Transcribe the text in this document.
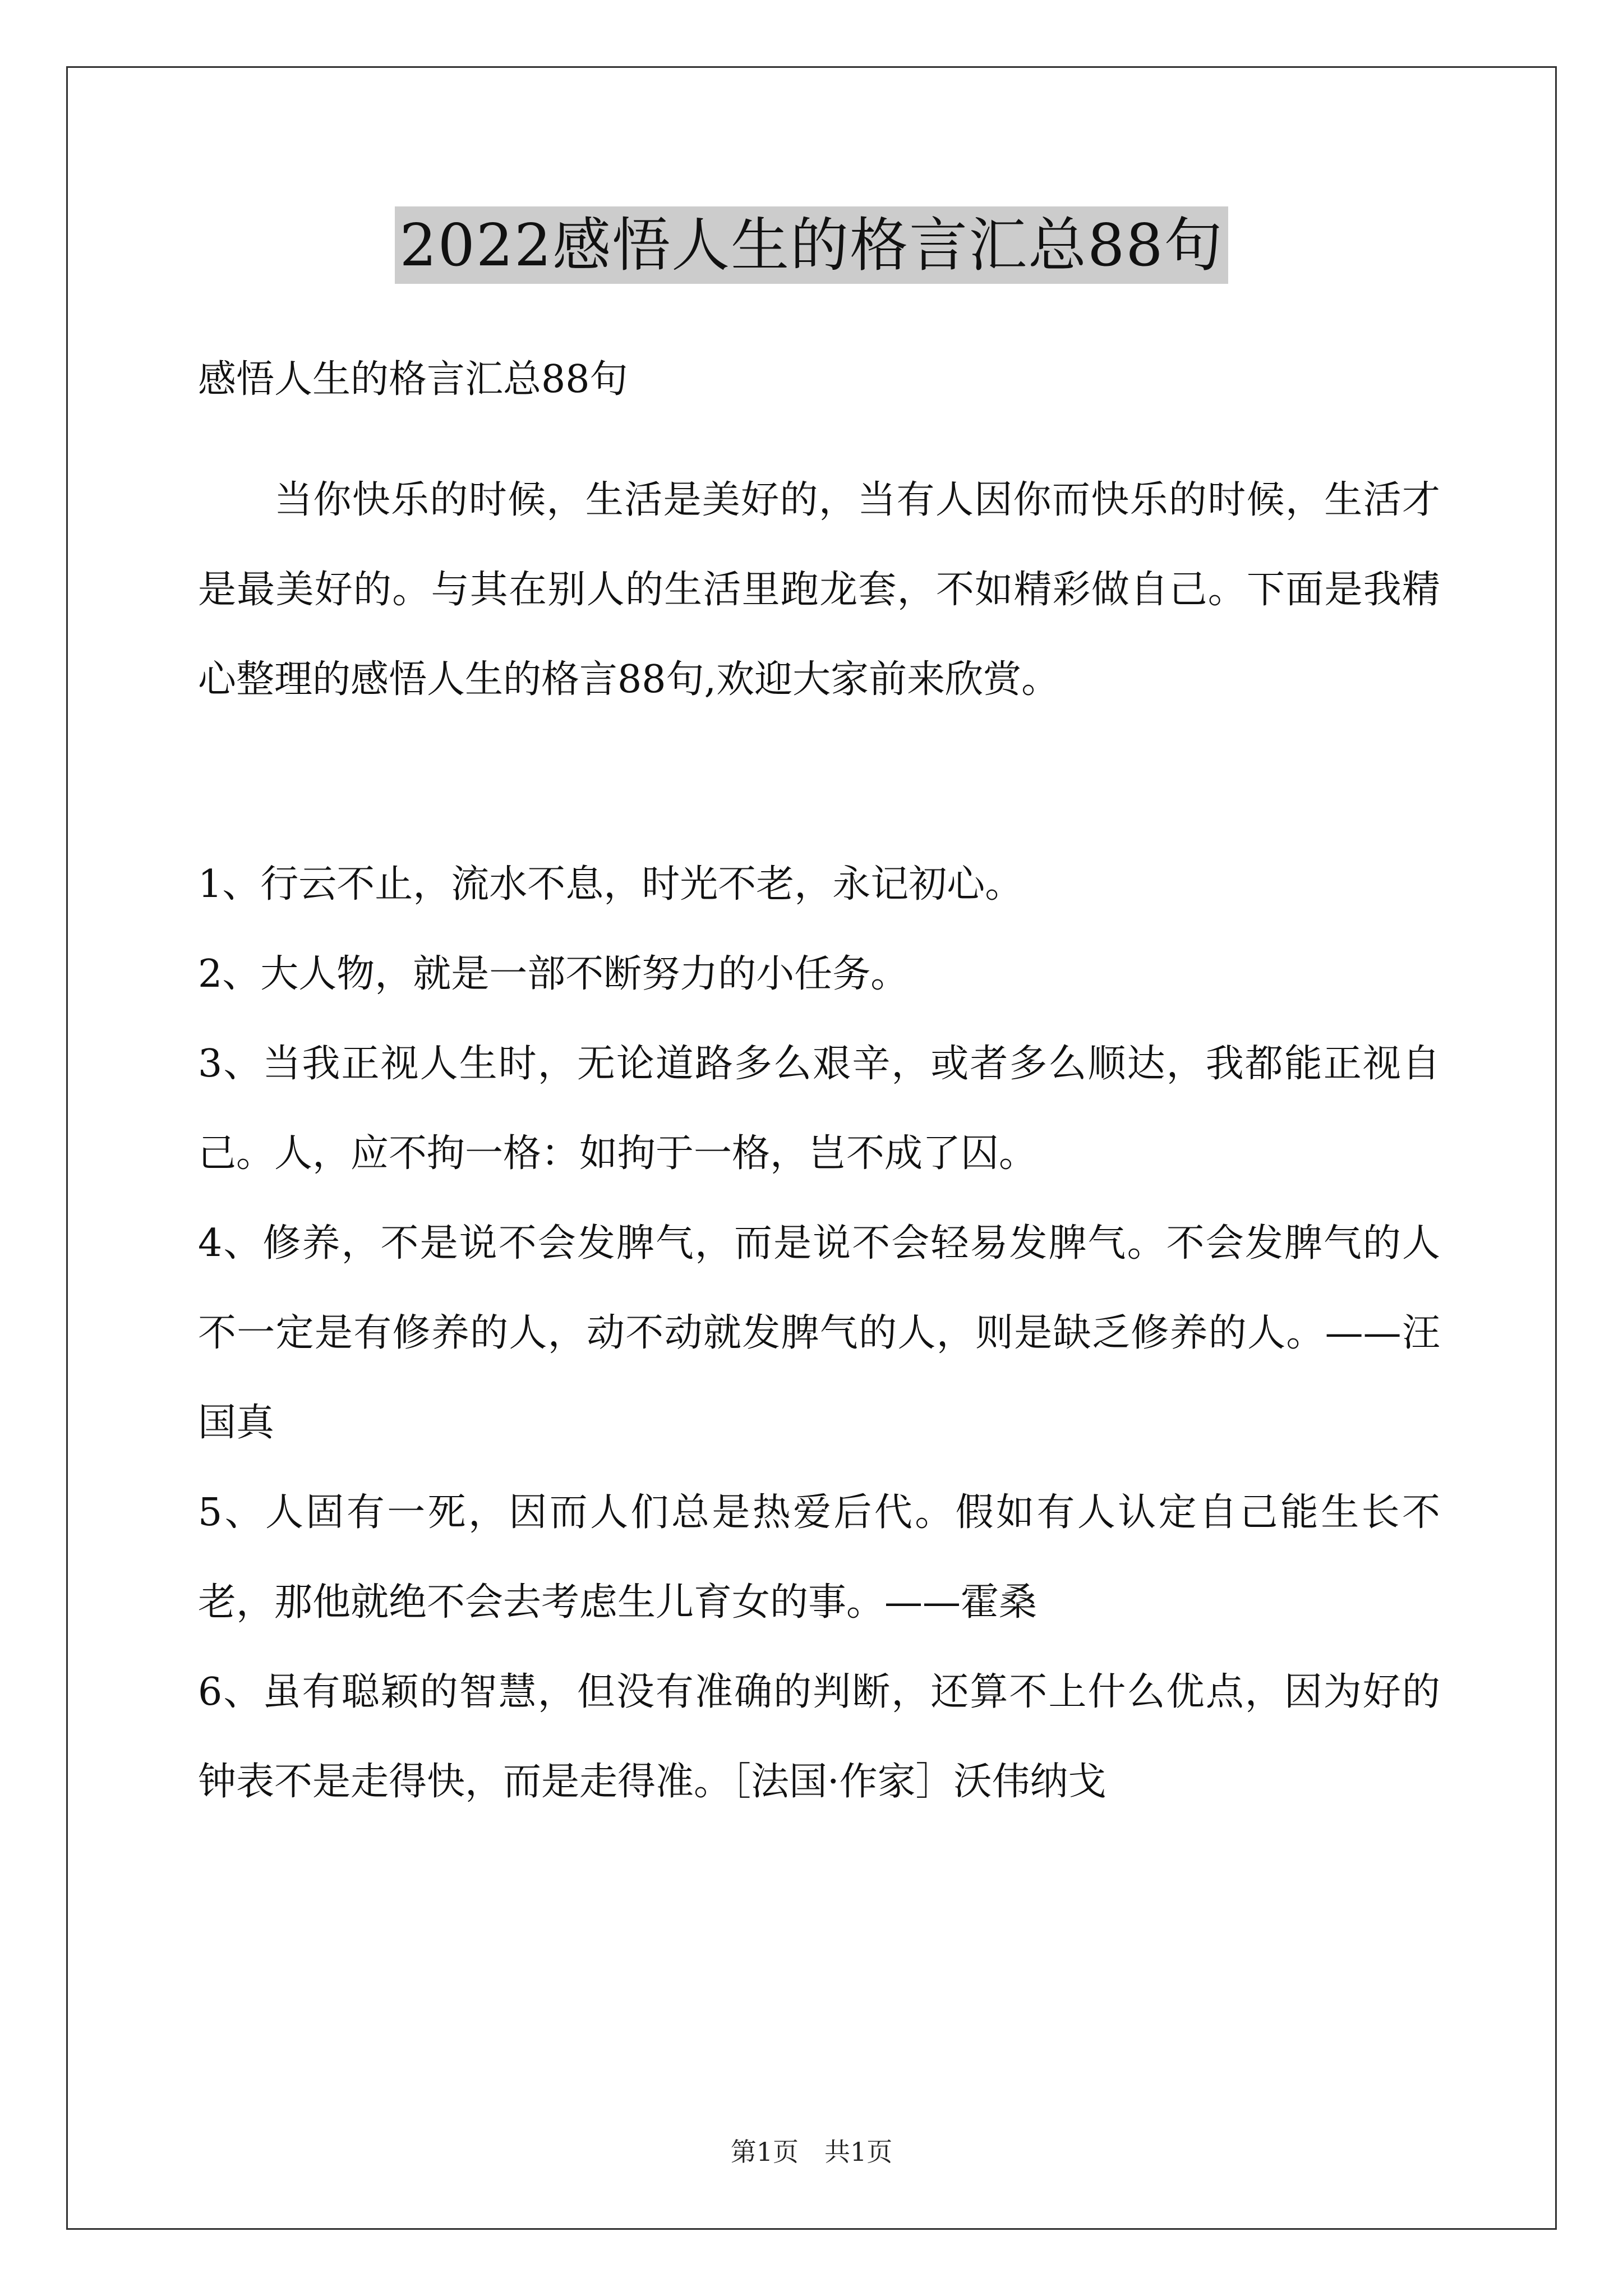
2022感悟人生的格言汇总88句

感悟人生的格言汇总88句

当你快乐的时候，生活是美好的，当有人因你而快乐的时候，生活才是最美好的。与其在别人的生活里跑龙套，不如精彩做自己。下面是我精心整理的感悟人生的格言88句,欢迎大家前来欣赏。

1、行云不止，流水不息，时光不老，永记初心。

2、大人物，就是一部不断努力的小任务。

3、当我正视人生时，无论道路多么艰辛，或者多么顺达，我都能正视自己。人，应不拘一格：如拘于一格，岂不成了囚。

4、修养，不是说不会发脾气，而是说不会轻易发脾气。不会发脾气的人不一定是有修养的人，动不动就发脾气的人，则是缺乏修养的人。——汪国真

5、人固有一死，因而人们总是热爱后代。假如有人认定自己能生长不老，那他就绝不会去考虑生儿育女的事。——霍桑

6、虽有聪颖的智慧，但没有准确的判断，还算不上什么优点，因为好的钟表不是走得快，而是走得准。［法国·作家］沃伟纳戈

第1页 共1页
